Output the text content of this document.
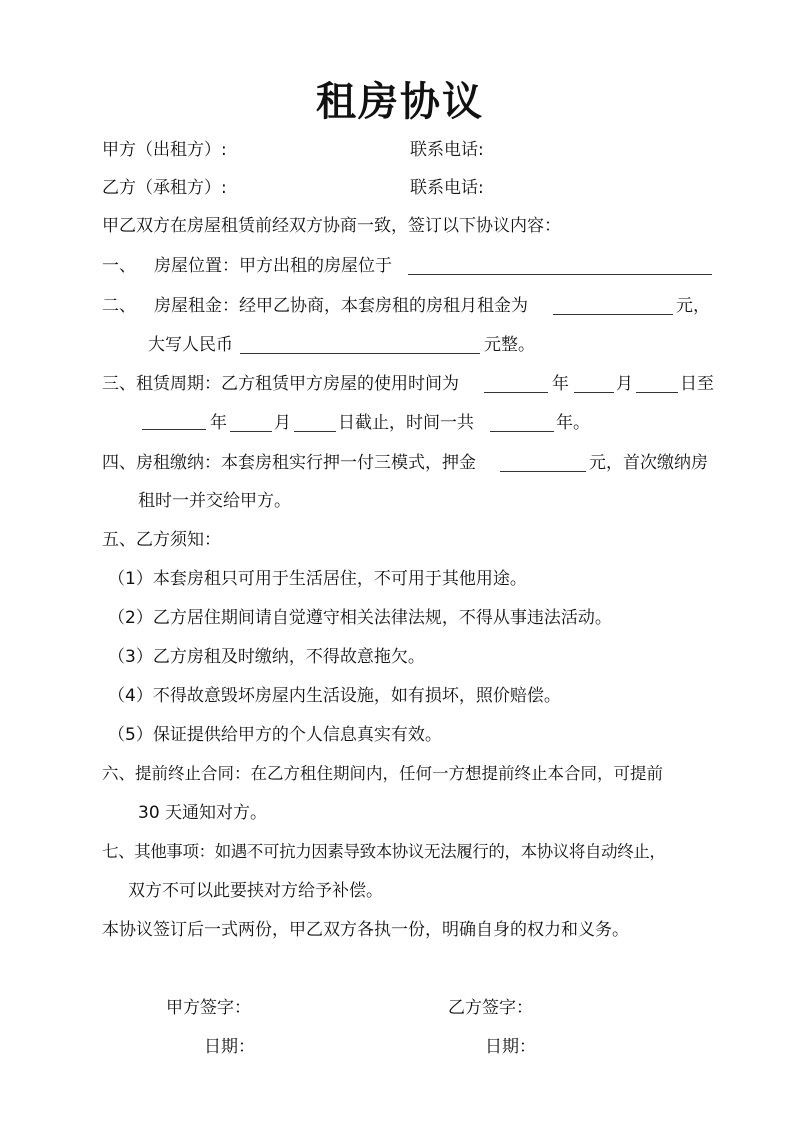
租房协议
甲方（出租方）:	联系电话:
乙方（承租方）:	联系电话:
甲乙双方在房屋租赁前经双方协商一致，签订以下协议内容：
一、 房屋位置：甲方出租的房屋位于
二、 房屋租金：经甲乙协商，本套房租的房租月租金为	元，
大写人民币	元整。
三、租赁周期：乙方租赁甲方房屋的使用时间为	年	月	日至
年	月	日截止，时间一共	年。
四、房租缴纳：本套房租实行押一付三模式，押金	元，首次缴纳房
租时一并交给甲方。
五、乙方须知：
（1）本套房租只可用于生活居住，不可用于其他用途。
（2）乙方居住期间请自觉遵守相关法律法规，不得从事违法活动。
（3）乙方房租及时缴纳，不得故意拖欠。
（4）不得故意毁坏房屋内生活设施，如有损坏，照价赔偿。
（5）保证提供给甲方的个人信息真实有效。
六、提前终止合同：在乙方租住期间内，任何一方想提前终止本合同，可提前
30 天通知对方。
七、其他事项：如遇不可抗力因素导致本协议无法履行的，本协议将自动终止，
双方不可以此要挟对方给予补偿。
本协议签订后一式两份，甲乙双方各执一份，明确自身的权力和义务。
甲方签字：	乙方签字：
日期：	日期：
